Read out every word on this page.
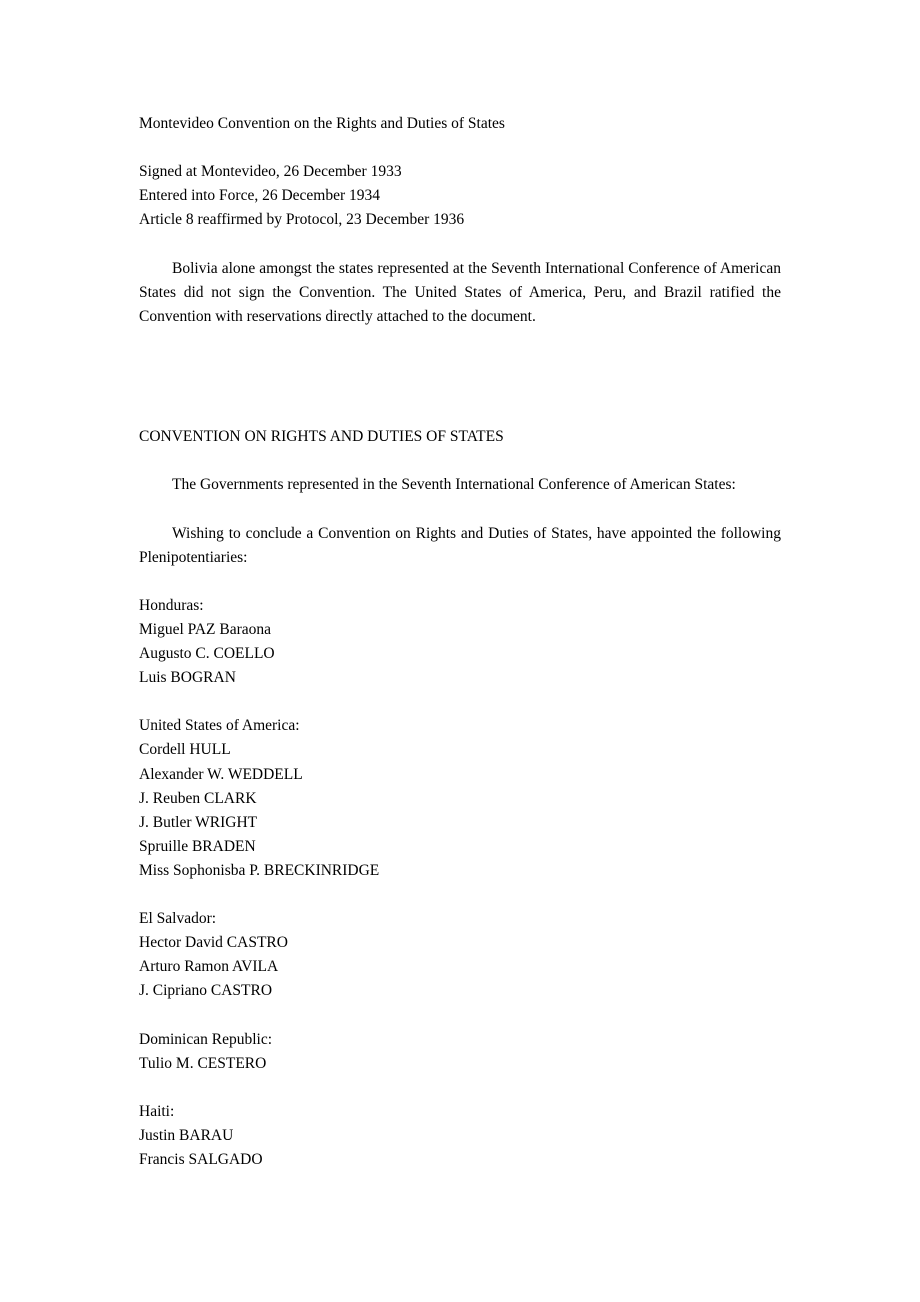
Montevideo Convention on the Rights and Duties of States
Signed at Montevideo, 26 December 1933
Entered into Force, 26 December 1934
Article 8 reaffirmed by Protocol, 23 December 1936

Bolivia alone amongst the states represented at the Seventh International Conference of American States did not sign the Convention. The United States of America, Peru, and Brazil ratified the Convention with reservations directly attached to the document.

CONVENTION ON RIGHTS AND DUTIES OF STATES

The Governments represented in the Seventh International Conference of American States:

Wishing to conclude a Convention on Rights and Duties of States, have appointed the following Plenipotentiaries:

Honduras:
Miguel PAZ Baraona
Augusto C. COELLO
Luis BOGRAN
United States of America:
Cordell HULL
Alexander W. WEDDELL
J. Reuben CLARK
J. Butler WRIGHT
Spruille BRADEN
Miss Sophonisba P. BRECKINRIDGE
El Salvador:
Hector David CASTRO
Arturo Ramon AVILA
J. Cipriano CASTRO
Dominican Republic:
Tulio M. CESTERO
Haiti:
Justin BARAU
Francis SALGADO
